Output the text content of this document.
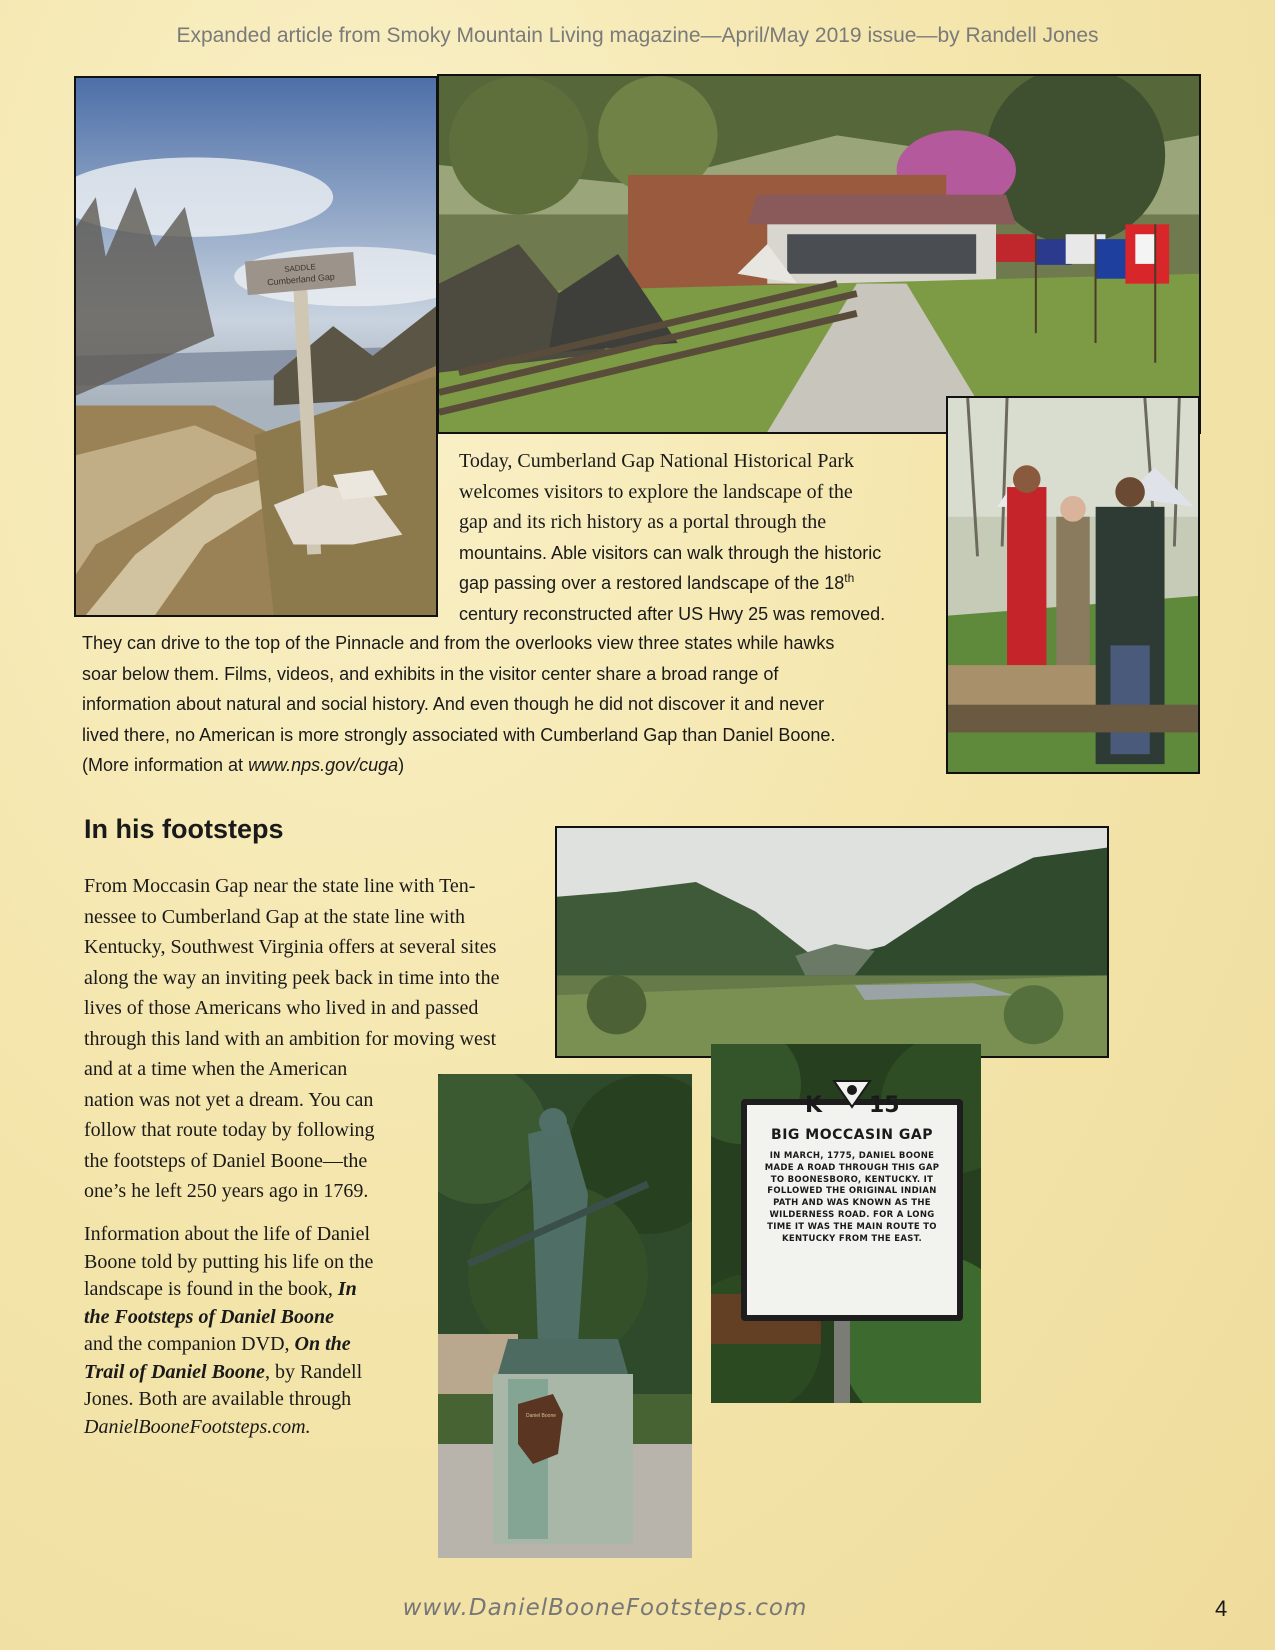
Expanded article from Smoky Mountain Living magazine—April/May 2019 issue—by Randell Jones
SADDLE
Cumberland Gap
Today, Cumberland Gap National Historical Park
welcomes visitors to explore the landscape of the
gap and its rich history as a portal through the
mountains. Able visitors can walk through the historic
gap passing over a restored landscape of the 18th
century reconstructed after US Hwy 25 was removed.
They can drive to the top of the Pinnacle and from the overlooks view three states while hawks
soar below them. Films, videos, and exhibits in the visitor center share a broad range of
information about natural and social history. And even though he did not discover it and never
lived there, no American is more strongly associated with Cumberland Gap than Daniel Boone.
(More information at www.nps.gov/cuga)
In his footsteps
Daniel Boone
K 15
BIG MOCCASIN GAP
IN MARCH, 1775, DANIEL BOONE
MADE A ROAD THROUGH THIS GAP
TO BOONESBORO, KENTUCKY. IT
FOLLOWED THE ORIGINAL INDIAN
PATH AND WAS KNOWN AS THE
WILDERNESS ROAD. FOR A LONG
TIME IT WAS THE MAIN ROUTE TO
KENTUCKY FROM THE EAST.
From Moccasin Gap near the state line with Ten-
nessee to Cumberland Gap at the state line with
Kentucky, Southwest Virginia offers at several sites
along the way an inviting peek back in time into the
lives of those Americans who lived in and passed
through this land with an ambition for moving west
and at a time when the American
nation was not yet a dream. You can
follow that route today by following
the footsteps of Daniel Boone—the
one’s he left 250 years ago in 1769.
Information about the life of Daniel
Boone told by putting his life on the
landscape is found in the book, In
the Footsteps of Daniel Boone
and the companion DVD, On the
Trail of Daniel Boone, by Randell
Jones. Both are available through
DanielBooneFootsteps.com.
www.DanielBooneFootsteps.com	4
